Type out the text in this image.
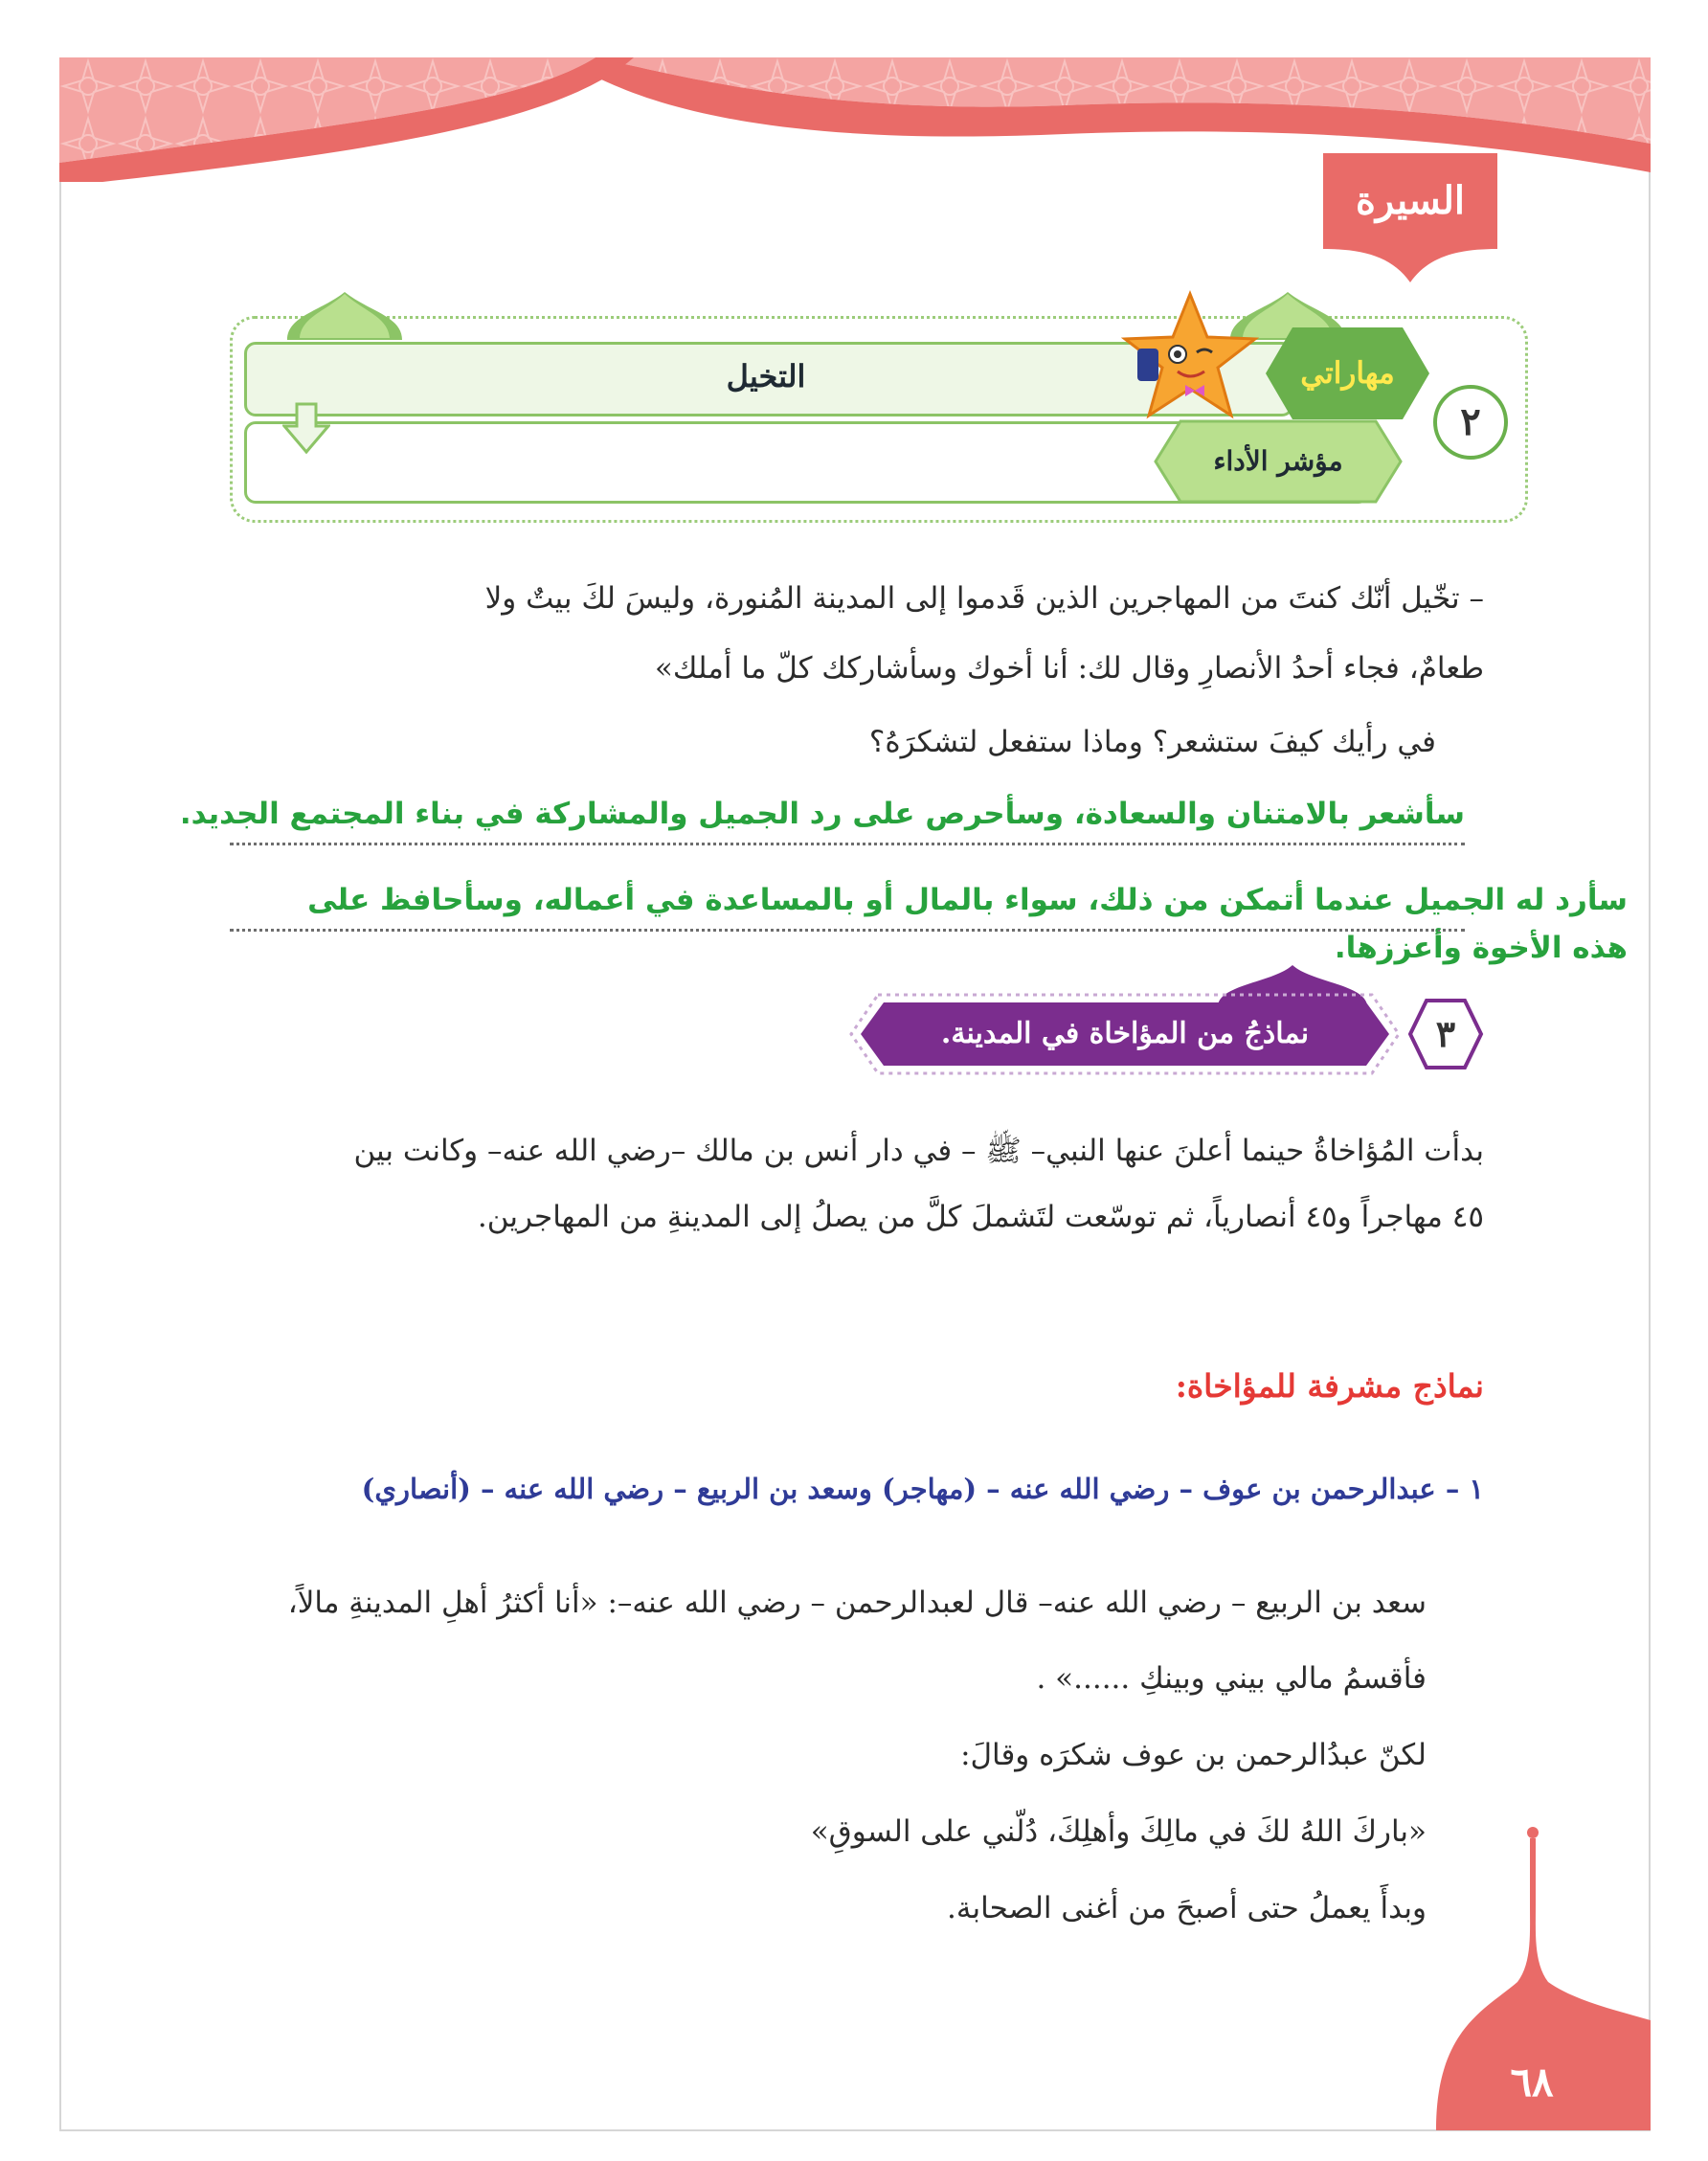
السيرة
التخيل	مهاراتي
مؤشر الأداء
٢
– تخّيل أنّك كنتَ من المهاجرين الذين قَدموا إلى المدينة المُنورة، وليسَ لكَ بيتٌ ولا
طعامٌ، فجاء أحدُ الأنصارِ وقال لك: أنا أخوك وسأشاركك كلّ ما أملك»
في رأيك كيفَ ستشعر؟ وماذا ستفعل لتشكرَهُ؟
سأشعر بالامتنان والسعادة، وسأحرص على رد الجميل والمشاركة في بناء المجتمع الجديد.
سأرد له الجميل عندما أتمكن من ذلك، سواء بالمال أو بالمساعدة في أعماله، وسأحافظ على
هذه الأخوة وأعززها.
نماذجُ من المؤاخاة في المدينة.	٣
بدأت المُؤاخاةُ حينما أعلنَ عنها النبي– ﷺ – في دار أنس بن مالك –رضي الله عنه– وكانت بين
٤٥ مهاجراً و٤٥ أنصارياً، ثم توسّعت لتَشملَ كلَّ من يصلُ إلى المدينةِ من المهاجرين.
نماذج مشرفة للمؤاخاة:
١ – عبدالرحمن بن عوف – رضي الله عنه – (مهاجر) وسعد بن الربيع – رضي الله عنه – (أنصاري)
سعد بن الربيع – رضي الله عنه– قال لعبدالرحمن – رضي الله عنه–: «أنا أكثرُ أهلِ المدينةِ مالاً،
فأقسمُ مالي بيني وبينكِ ......» .
لكنّ عبدُالرحمن بن عوف شكرَه وقالَ:
«باركَ اللهُ لكَ في مالِكَ وأهلِكَ، دُلّني على السوقِ»
وبدأَ يعملُ حتى أصبحَ من أغنى الصحابة.
٦٨
